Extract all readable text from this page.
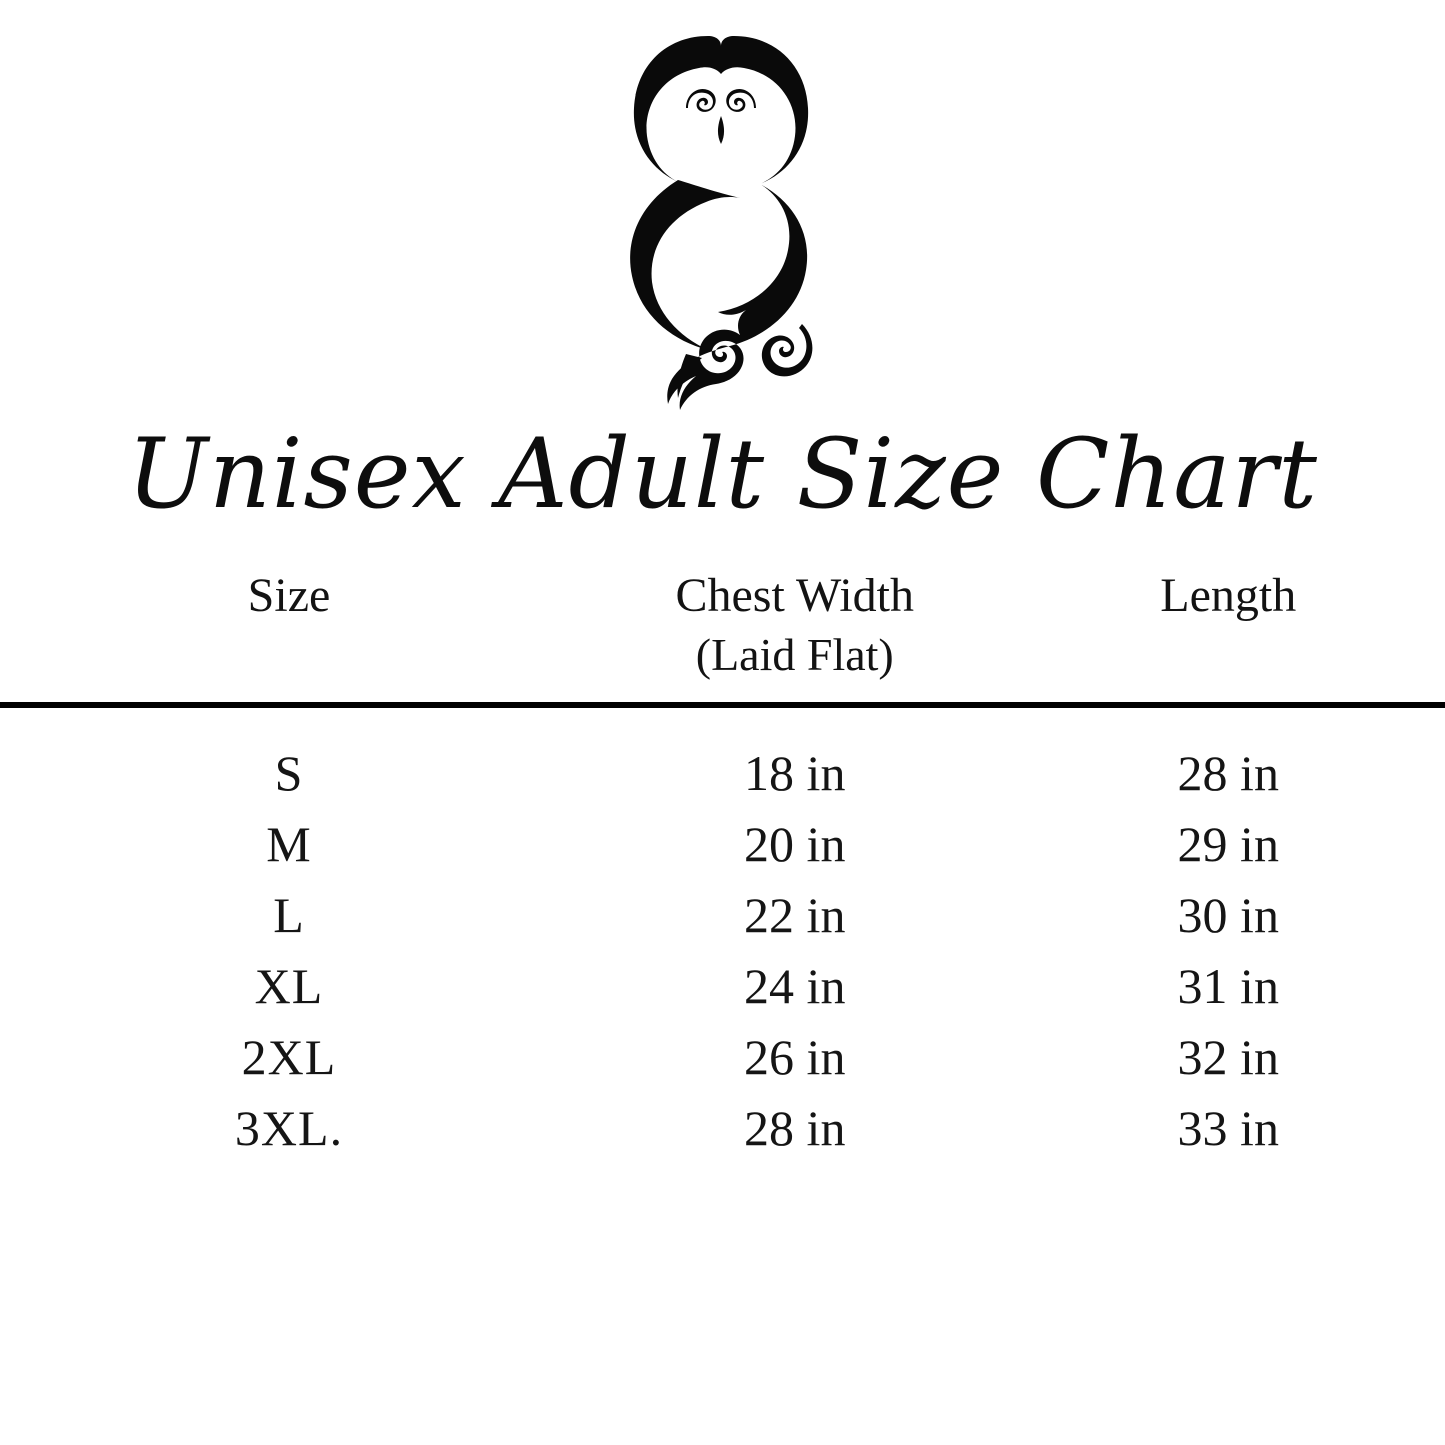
Unisex Adult Size Chart
Size	Chest Width	Length
(Laid Flat)
S	18 in	28 in
M	20 in	29 in
L	22 in	30 in
XL	24 in	31 in
2XL	26 in	32 in
3XL.	28 in	33 in
